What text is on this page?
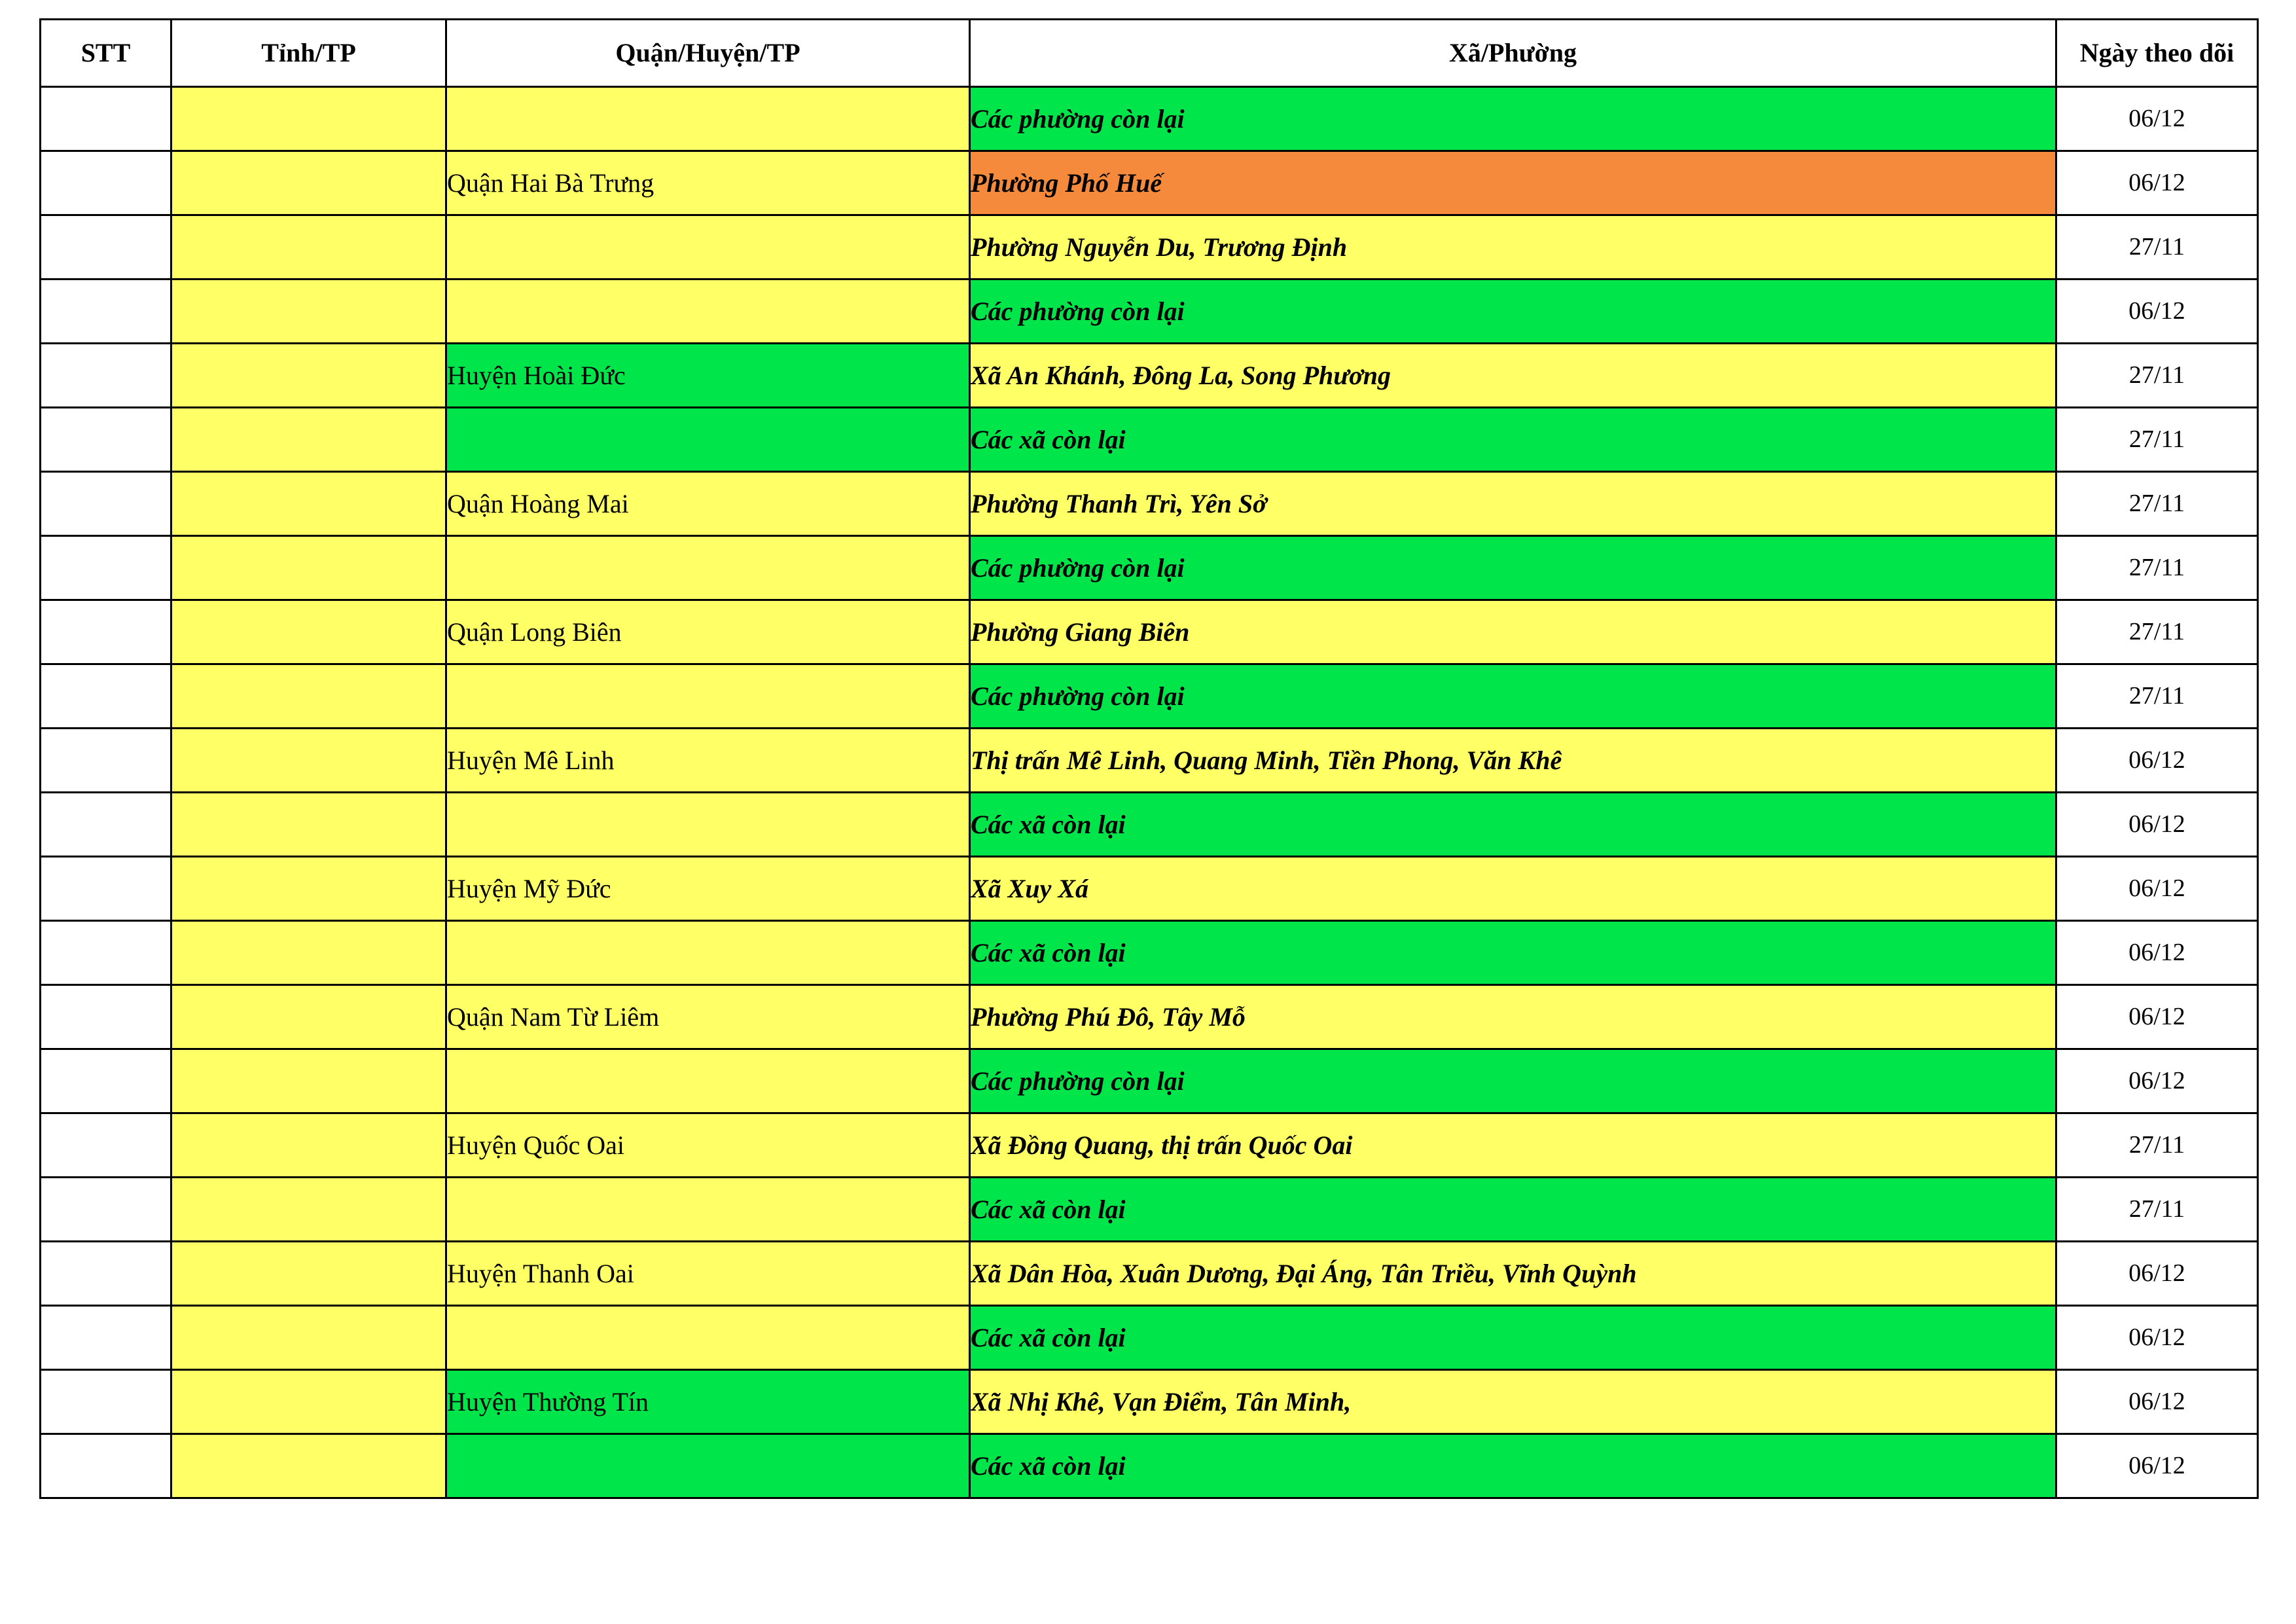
STT	Tỉnh/TP	Quận/Huyện/TP	Xã/Phường	Ngày theo dõi
			Các phường còn lại	06/12
		Quận Hai Bà Trưng	Phường Phố Huế	06/12
			Phường Nguyễn Du, Trương Định	27/11
			Các phường còn lại	06/12
		Huyện Hoài Đức	Xã An Khánh, Đông La, Song Phương	27/11
			Các xã còn lại	27/11
		Quận Hoàng Mai	Phường Thanh Trì, Yên Sở	27/11
			Các phường còn lại	27/11
		Quận Long Biên	Phường Giang Biên	27/11
			Các phường còn lại	27/11
		Huyện Mê Linh	Thị trấn Mê Linh, Quang Minh, Tiền Phong, Văn Khê	06/12
			Các xã còn lại	06/12
		Huyện Mỹ Đức	Xã Xuy Xá	06/12
			Các xã còn lại	06/12
		Quận Nam Từ Liêm	Phường Phú Đô, Tây Mỗ	06/12
			Các phường còn lại	06/12
		Huyện Quốc Oai	Xã Đồng Quang, thị trấn Quốc Oai	27/11
			Các xã còn lại	27/11
		Huyện Thanh Oai	Xã Dân Hòa, Xuân Dương, Đại Áng, Tân Triều, Vĩnh Quỳnh	06/12
			Các xã còn lại	06/12
		Huyện Thường Tín	Xã Nhị Khê, Vạn Điểm, Tân Minh,	06/12
			Các xã còn lại	06/12
